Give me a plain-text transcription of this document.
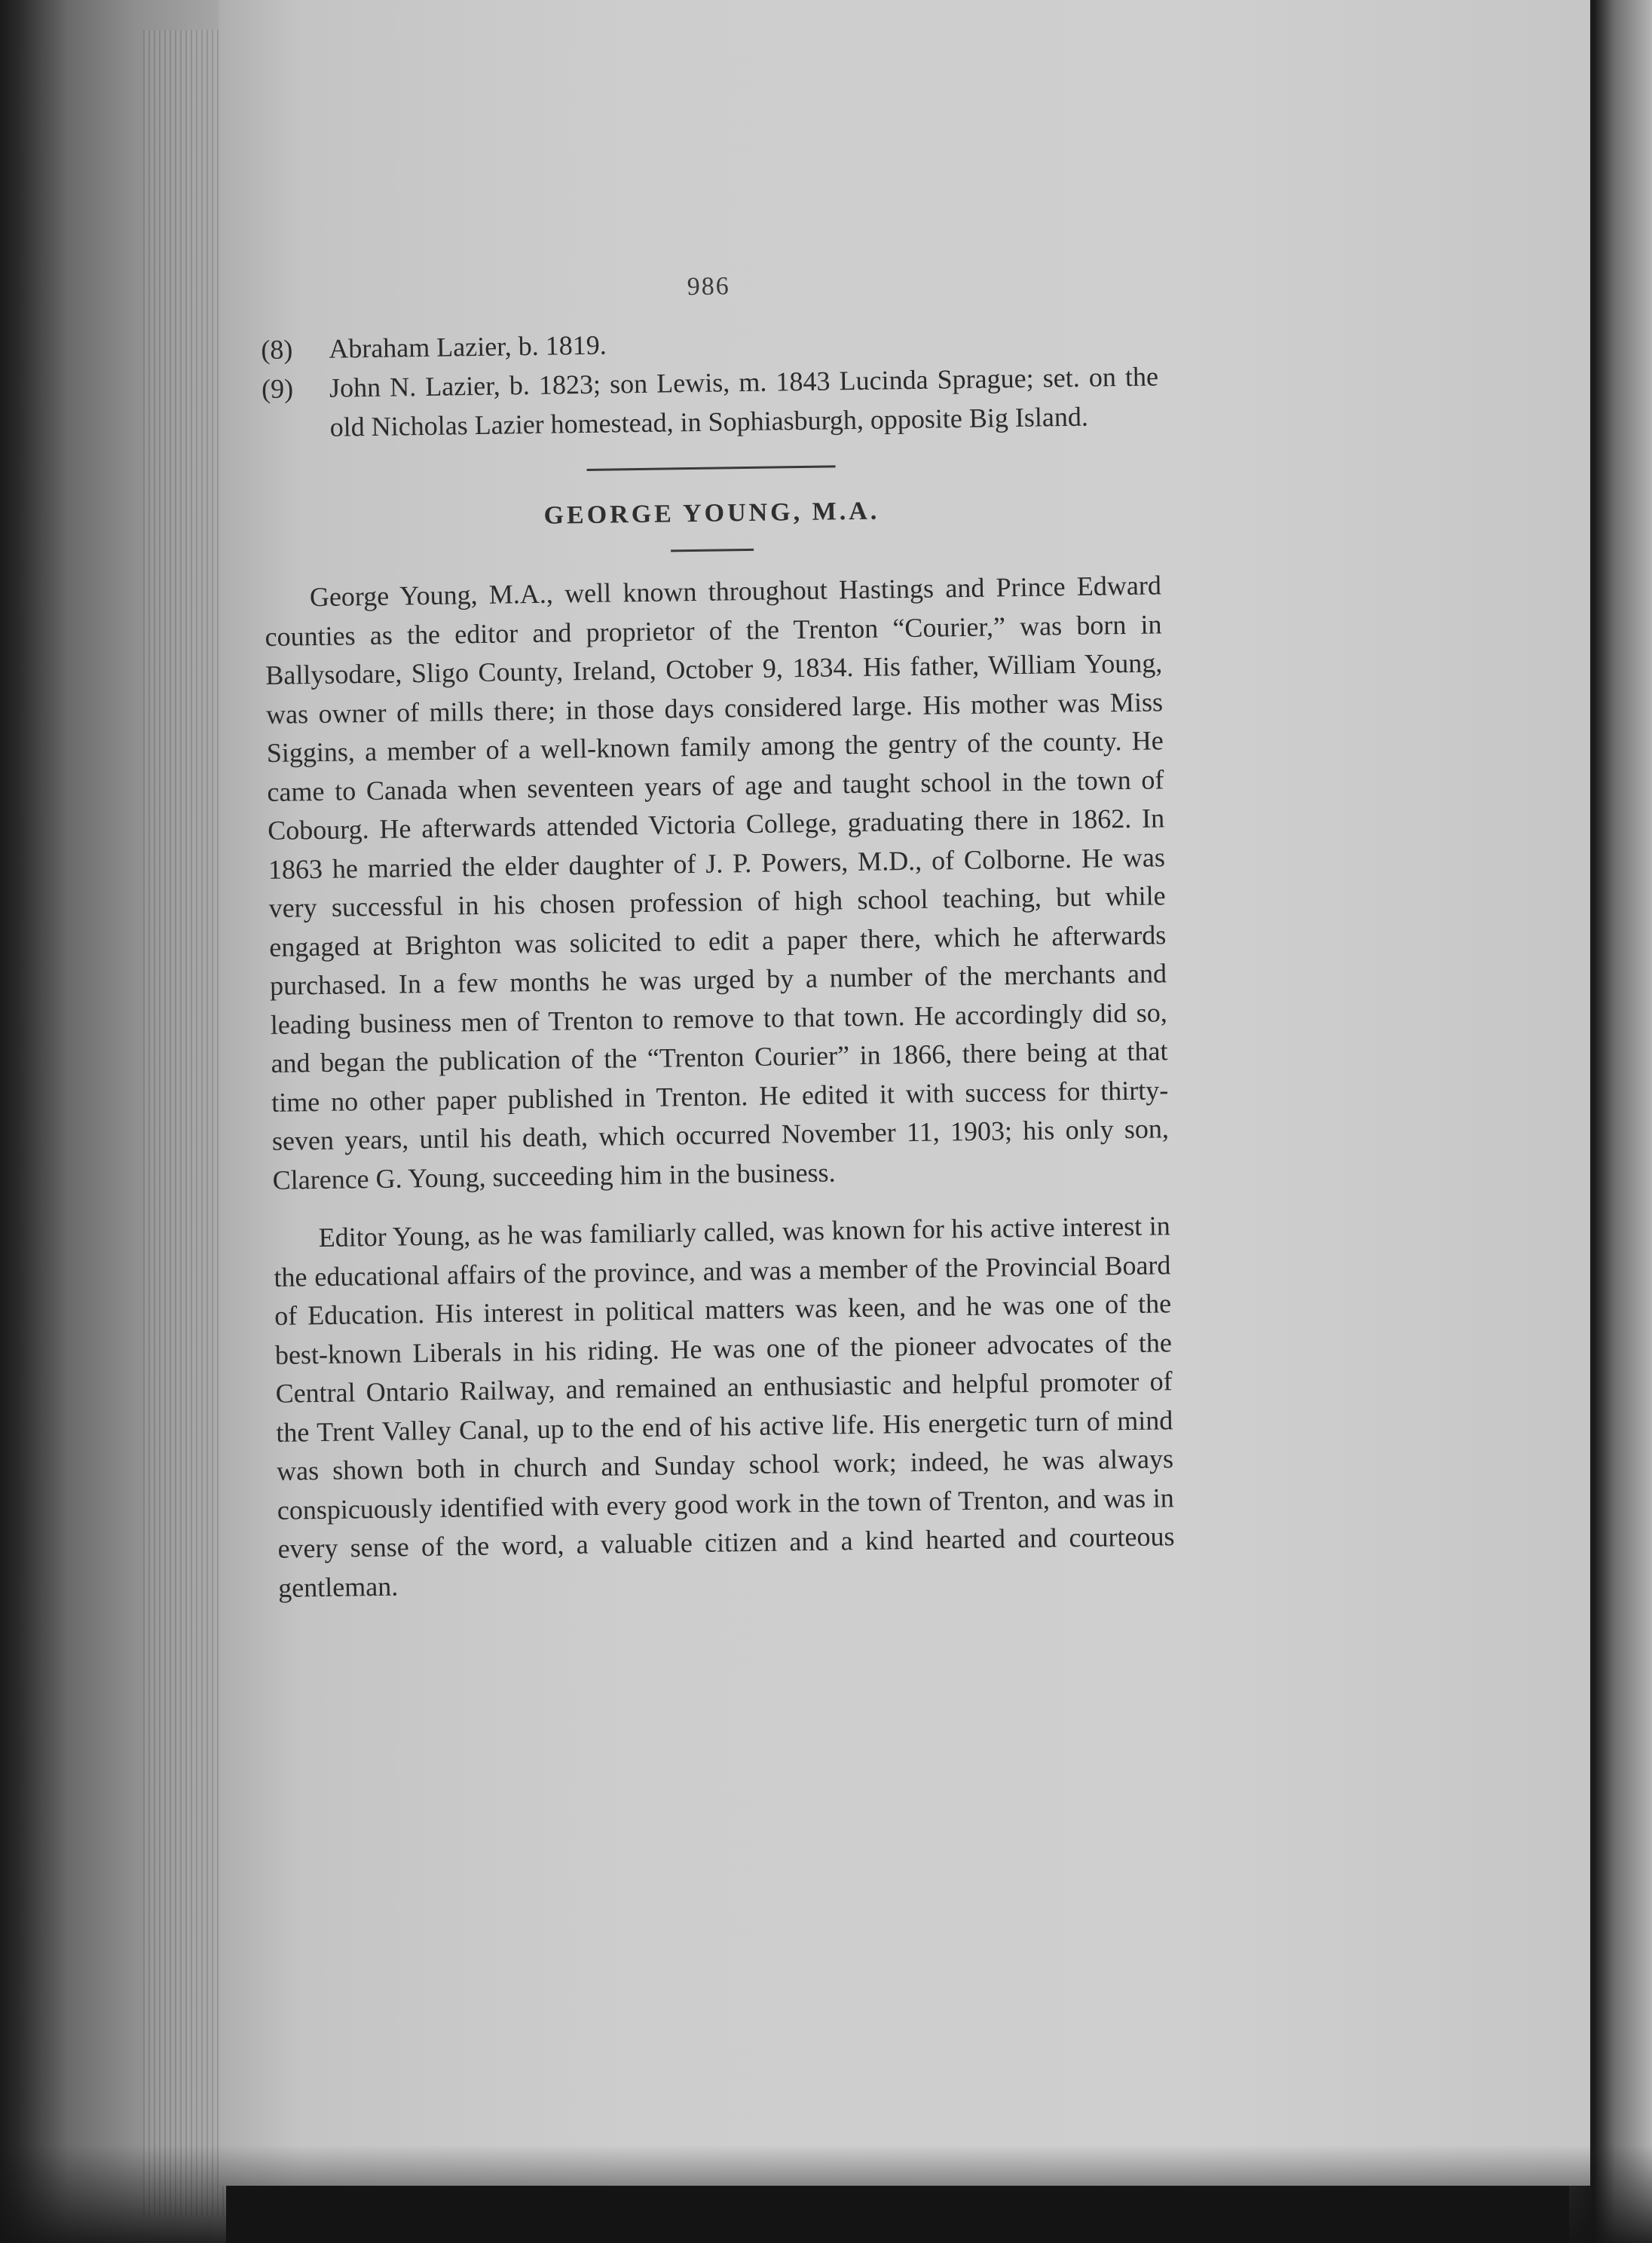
986

(8) Abraham Lazier, b. 1819.

(9) John N. Lazier, b. 1823; son Lewis, m. 1843 Lucinda Sprague; set. on the old Nicholas Lazier homestead, in Sophiasburgh, opposite Big Island.

GEORGE YOUNG, M.A.

George Young, M.A., well known throughout Hastings and Prince Edward counties as the editor and proprietor of the Trenton “Courier,” was born in Ballysodare, Sligo County, Ireland, October 9, 1834. His father, William Young, was owner of mills there; in those days considered large. His mother was Miss Siggins, a member of a well-known family among the gentry of the county. He came to Canada when seventeen years of age and taught school in the town of Cobourg. He afterwards attended Victoria College, graduating there in 1862. In 1863 he married the elder daughter of J. P. Powers, M.D., of Colborne. He was very successful in his chosen profession of high school teaching, but while engaged at Brighton was solicited to edit a paper there, which he afterwards purchased. In a few months he was urged by a number of the merchants and leading business men of Trenton to remove to that town. He accordingly did so, and began the publication of the “Trenton Courier” in 1866, there being at that time no other paper published in Trenton. He edited it with success for thirty-seven years, until his death, which occurred November 11, 1903; his only son, Clarence G. Young, succeeding him in the business.

Editor Young, as he was familiarly called, was known for his active interest in the educational affairs of the province, and was a member of the Provincial Board of Education. His interest in political matters was keen, and he was one of the best-known Liberals in his riding. He was one of the pioneer advocates of the Central Ontario Railway, and remained an enthusiastic and helpful promoter of the Trent Valley Canal, up to the end of his active life. His energetic turn of mind was shown both in church and Sunday school work; indeed, he was always conspicuously identified with every good work in the town of Trenton, and was in every sense of the word, a valuable citizen and a kind hearted and courteous gentleman.
